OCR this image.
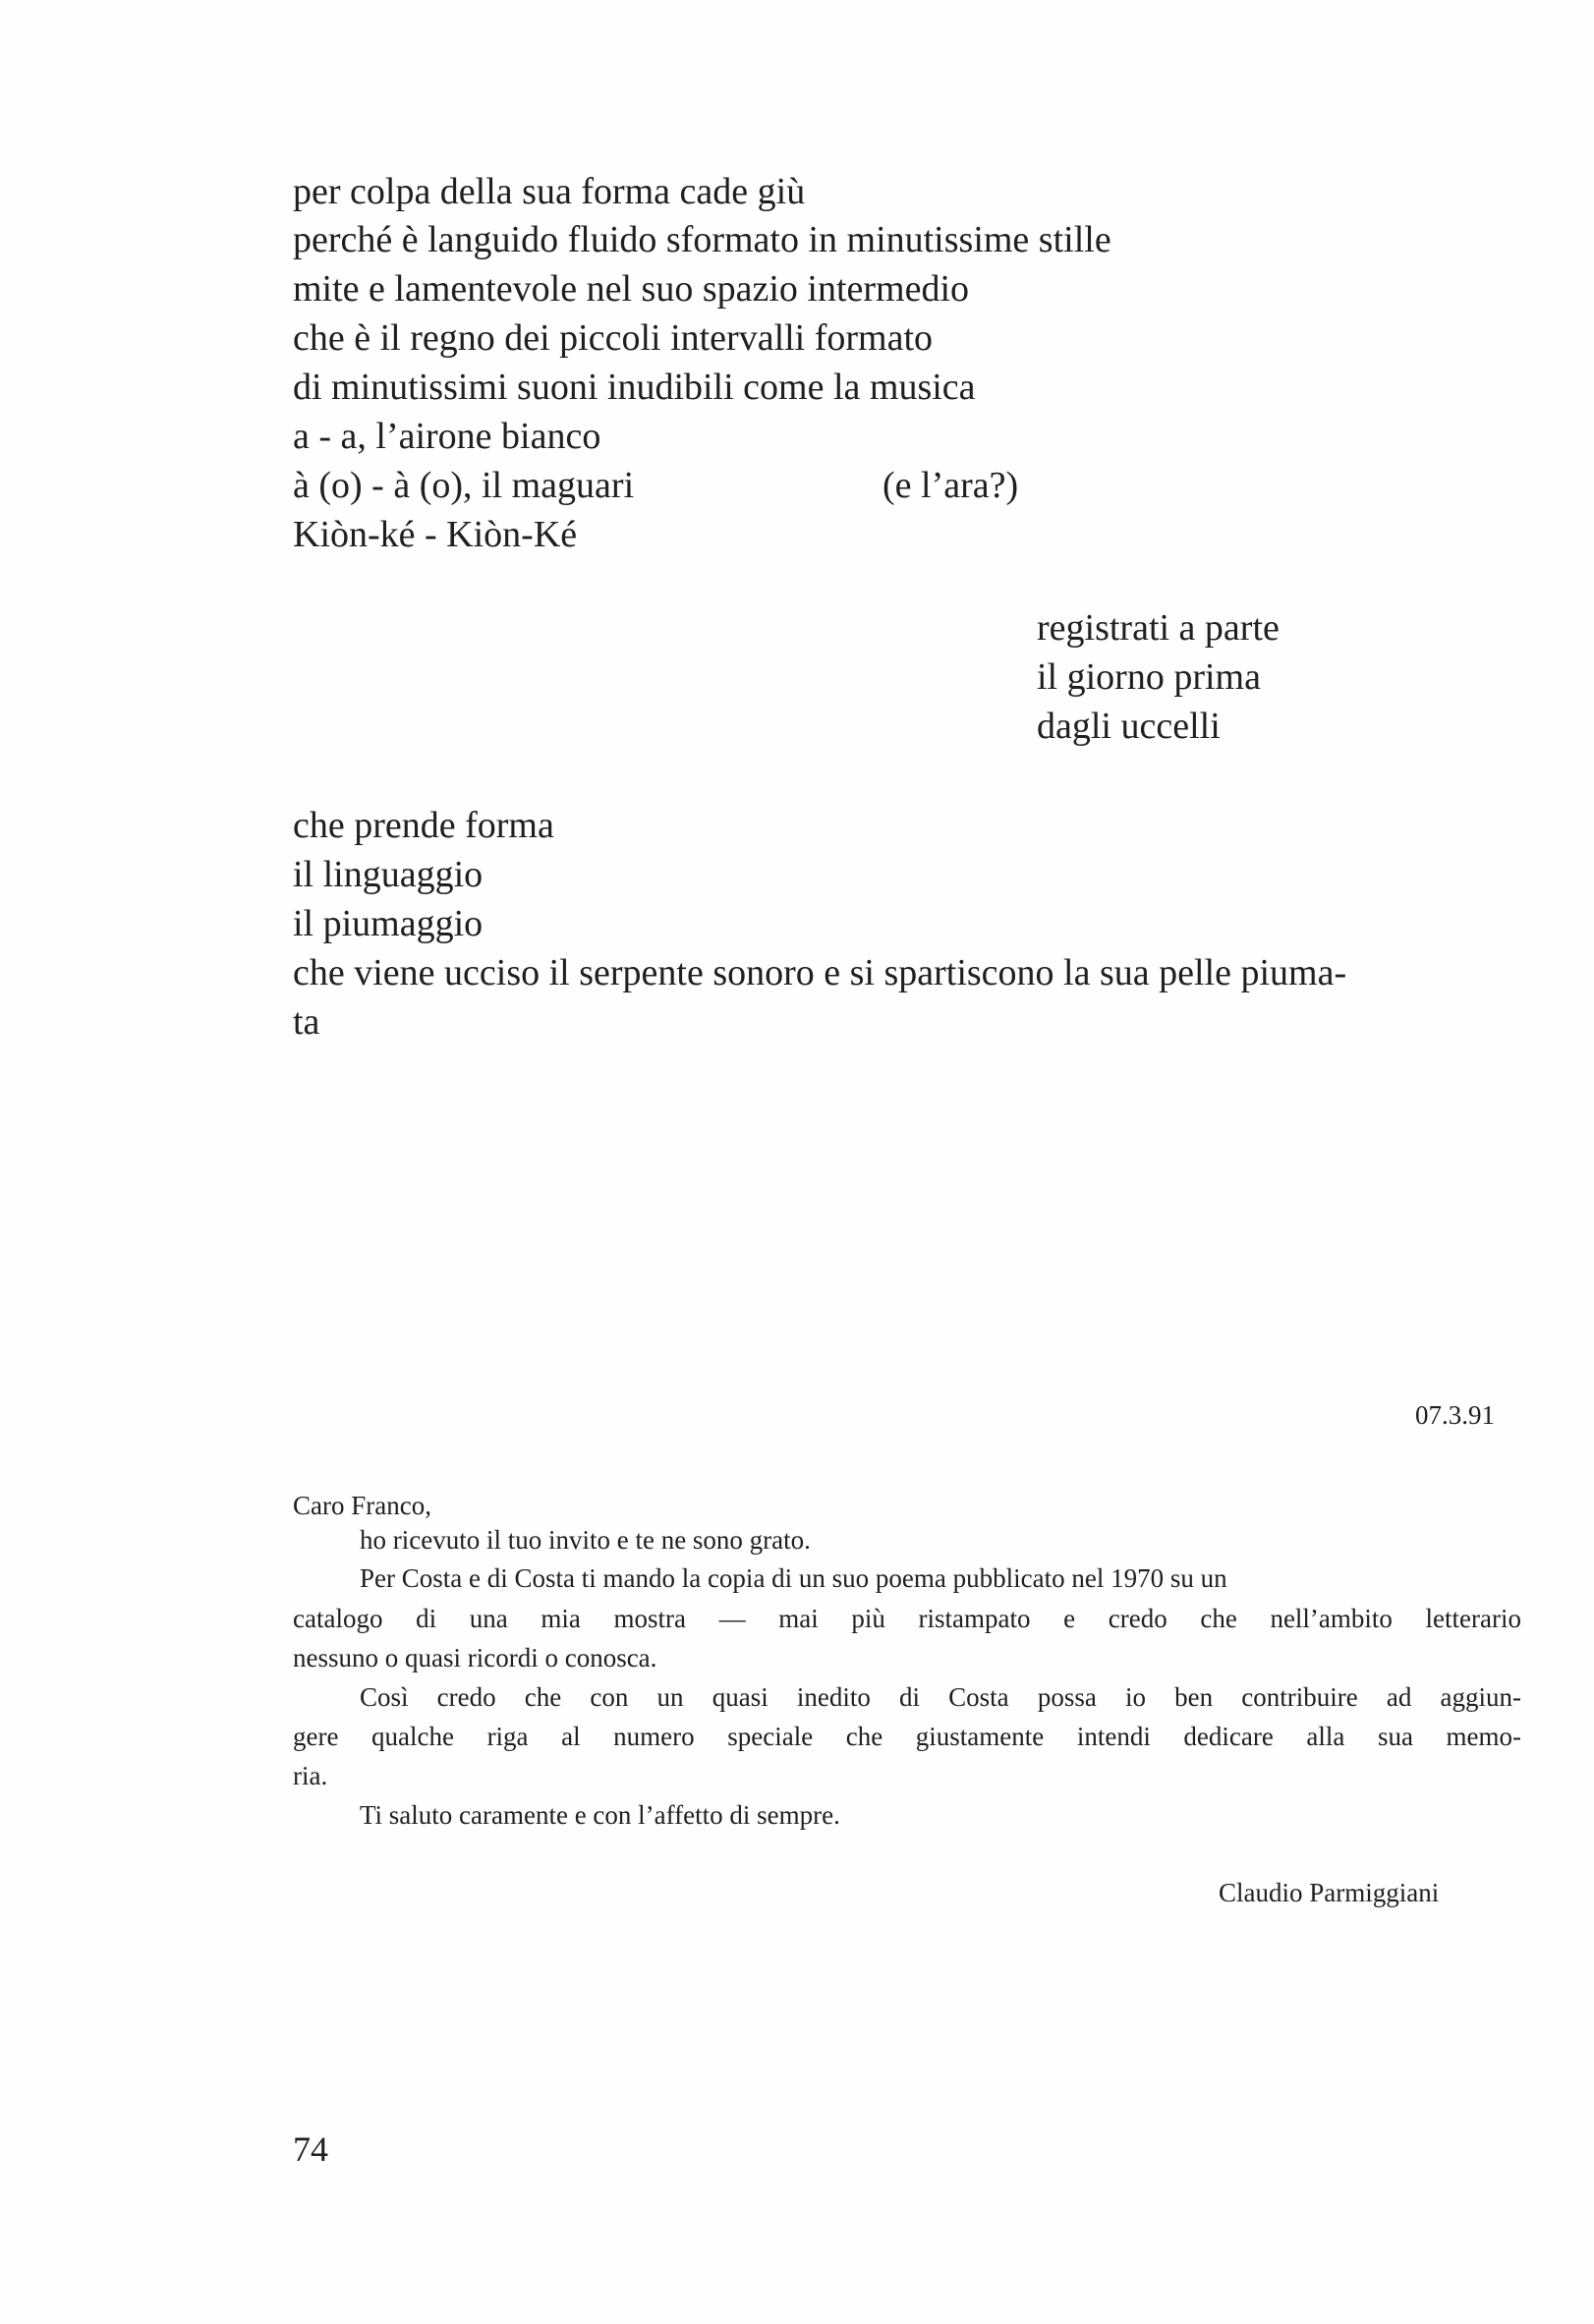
per colpa della sua forma cade giù
perché è languido fluido sformato in minutissime stille
mite e lamentevole nel suo spazio intermedio
che è il regno dei piccoli intervalli formato
di minutissimi suoni inudibili come la musica
a - a, l’airone bianco
à (o) - à (o), il maguari	(e l’ara?)
Kiòn-ké - Kiòn-Ké
registrati a parte
il giorno prima
dagli uccelli
che prende forma
il linguaggio
il piumaggio
che viene ucciso il serpente sonoro e si spartiscono la sua pelle piuma-
ta
07.3.91
Caro Franco,
ho ricevuto il tuo invito e te ne sono grato.
Per Costa e di Costa ti mando la copia di un suo poema pubblicato nel 1970 su un
catalogo di una mia mostra — mai più ristampato e credo che nell’ambito letterario
nessuno o quasi ricordi o conosca.
Così credo che con un quasi inedito di Costa possa io ben contribuire ad aggiun-
gere qualche riga al numero speciale che giustamente intendi dedicare alla sua memo-
ria.
Ti saluto caramente e con l’affetto di sempre.
Claudio Parmiggiani
74
